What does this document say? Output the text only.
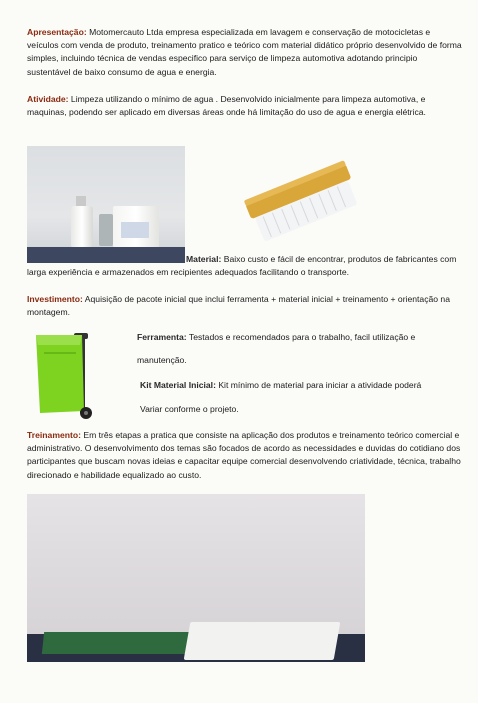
Apresentação: Motomercauto Ltda empresa especializada em lavagem e conservação de motocicletas e veículos com venda de produto, treinamento pratico e teórico com material didático próprio desenvolvido de forma simples, incluindo técnica de vendas especifico para serviço de limpeza automotiva adotando principio sustentável de baixo consumo de agua e energia.

Atividade: Limpeza utilizando o mínimo de agua . Desenvolvido inicialmente para limpeza automotiva, e maquinas, podendo ser aplicado em diversas áreas onde há limitação do uso de agua e energia elétrica.

Material: Baixo custo e fácil de encontrar, produtos de fabricantes com larga experiência e armazenados em recipientes adequados facilitando o transporte.

Investimento: Aquisição de pacote inicial que inclui ferramenta + material inicial + treinamento + orientação na montagem.

Ferramenta: Testados e recomendados para o trabalho, facil utilização e

manutenção.

Kit Material Inicial: Kit mínimo de material para iniciar a atividade poderá

Variar conforme o projeto.

Treinamento: Em três etapas a pratica que consiste na aplicação dos produtos e treinamento teórico comercial e administrativo. O desenvolvimento dos temas são focados de acordo as necessidades e duvidas do cotidiano dos participantes que buscam novas ideias e capacitar equipe comercial desenvolvendo criatividade, técnica, trabalho direcionado e habilidade equalizado ao custo.
